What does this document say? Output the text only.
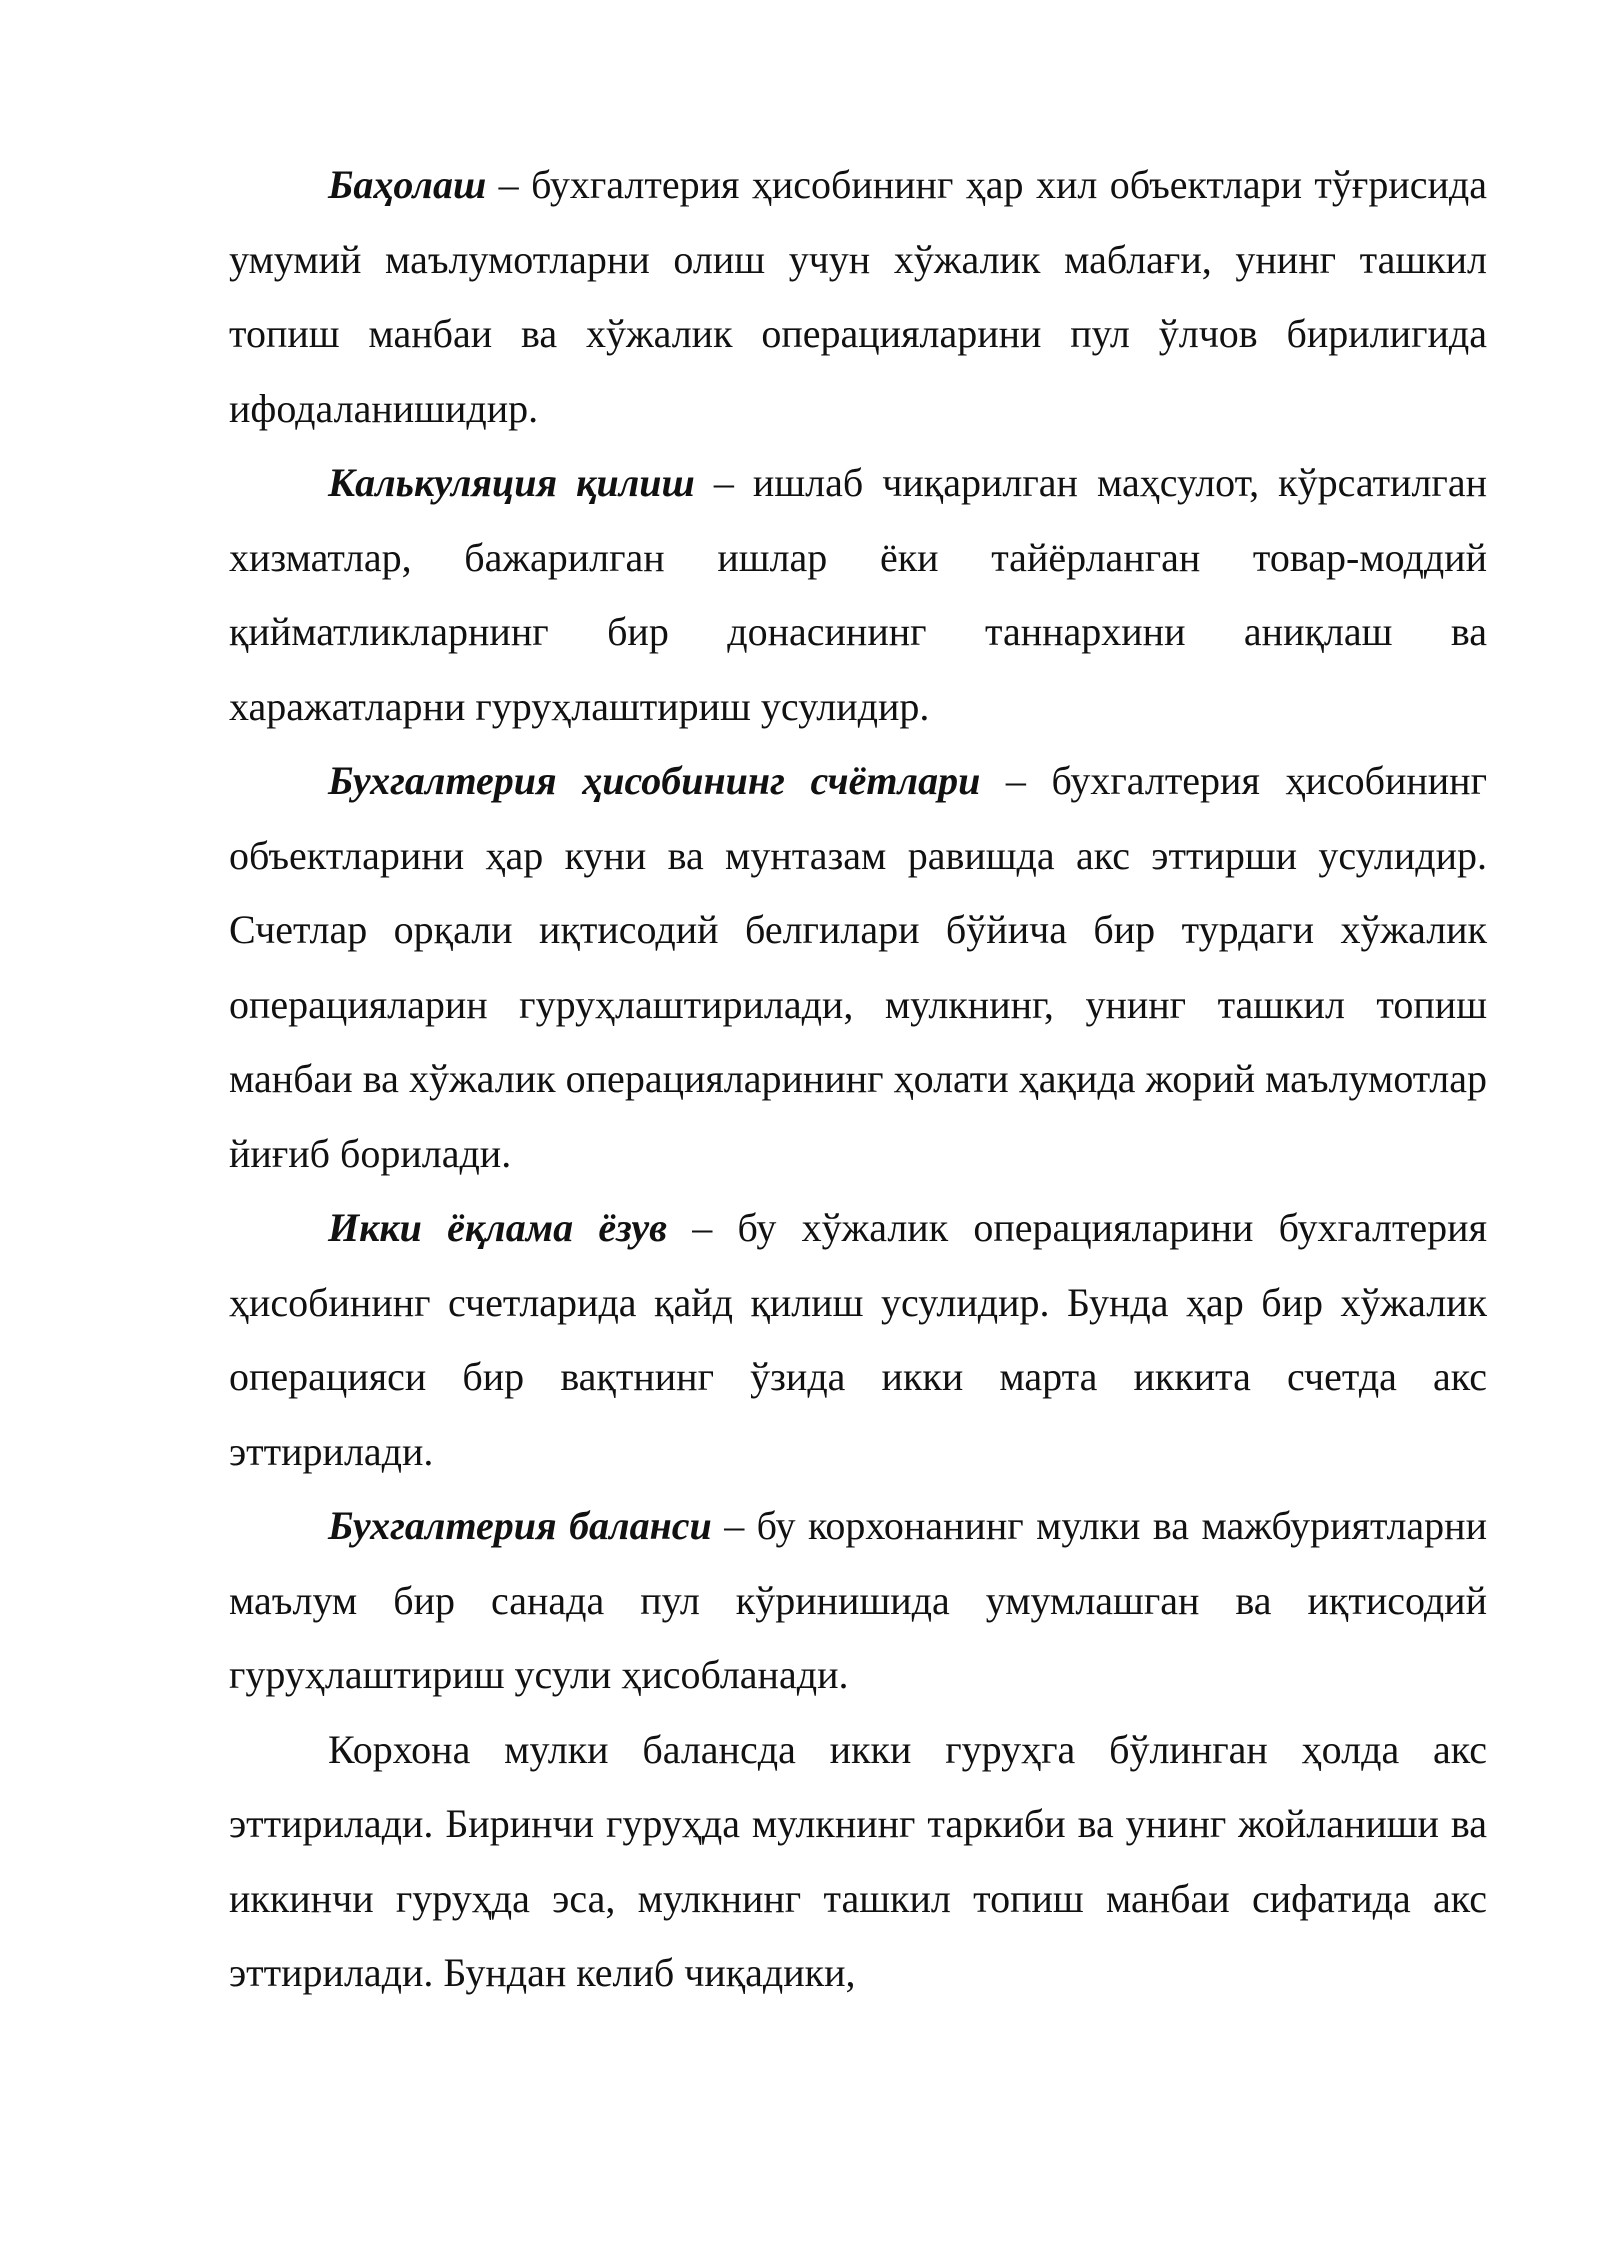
Баҳолаш – бухгалтерия ҳисобининг ҳар хил объектлари тўғрисида умумий маълумотларни олиш учун хўжалик маблағи, унинг ташкил топиш манбаи ва хўжалик операцияларини пул ўлчов бирилигида ифодаланишидир.

Калькуляция қилиш – ишлаб чиқарилган маҳсулот, кўрсатилган хизматлар, бажарилган ишлар ёки тайёрланган товар-моддий қийматликларнинг бир донасининг таннархини аниқлаш ва харажатларни гуруҳлаштириш усулидир.

Бухгалтерия ҳисобининг счётлари – бухгалтерия ҳисобининг объектларини ҳар куни ва мунтазам равишда акс эттирши усулидир. Счетлар орқали иқтисодий белгилари бўйича бир турдаги хўжалик операцияларин гуруҳлаштирилади, мулкнинг, унинг ташкил топиш манбаи ва хўжалик операцияларининг ҳолати ҳақида жорий маълумотлар йиғиб борилади.

Икки ёқлама ёзув – бу хўжалик операцияларини бухгалтерия ҳисобининг счетларида қайд қилиш усулидир. Бунда ҳар бир хўжалик операцияси бир вақтнинг ўзида икки марта иккита счетда акс эттирилади.

Бухгалтерия баланси – бу корхонанинг мулки ва мажбуриятларни маълум бир санада пул кўринишида умумлашган ва иқтисодий гуруҳлаштириш усули ҳисобланади.

Корхона мулки балансда икки гуруҳга бўлинган ҳолда акс эттирилади. Биринчи гуруҳда мулкнинг таркиби ва унинг жойланиши ва иккинчи гуруҳда эса, мулкнинг ташкил топиш манбаи сифатида акс эттирилади. Бундан келиб чиқадики,
